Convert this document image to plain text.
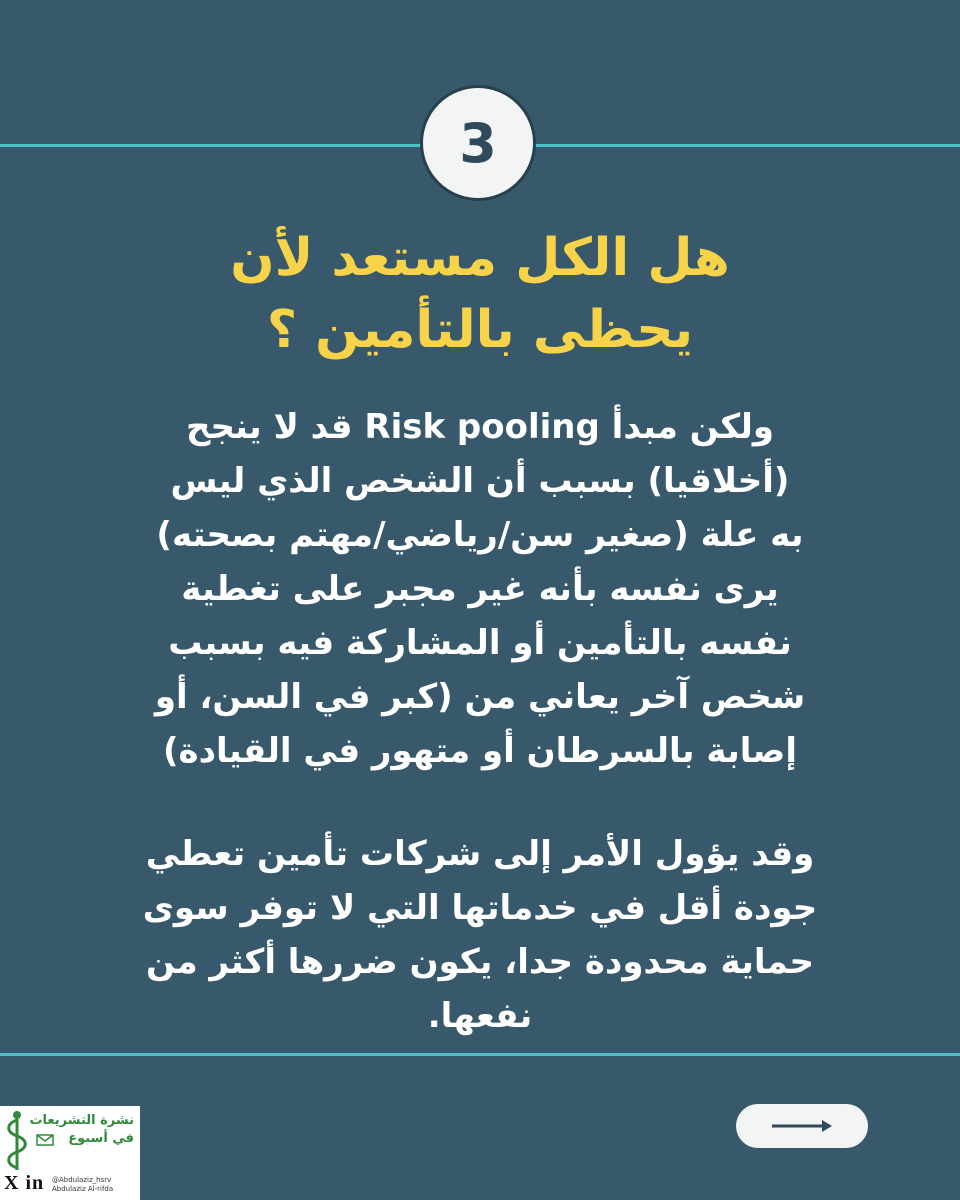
3
هل الكل مستعد لأن
يحظى بالتأمين ؟
ولكن مبدأ Risk pooling قد لا ينجح
(أخلاقيا) بسبب أن الشخص الذي ليس
به علة (صغير سن/رياضي/مهتم بصحته)
يرى نفسه بأنه غير مجبر على تغطية
نفسه بالتأمين أو المشاركة فيه بسبب
شخص آخر يعاني من (كبر في السن، أو
إصابة بالسرطان أو متهور في القيادة)
وقد يؤول الأمر إلى شركات تأمين تعطي
جودة أقل في خدماتها التي لا توفر سوى
حماية محدودة جدا، يكون ضررها أكثر من
نفعها.
نشرة التشريعات
في أسبوع
X in @Abdulaziz_hsrv
Abdulaziz Al-rifda
